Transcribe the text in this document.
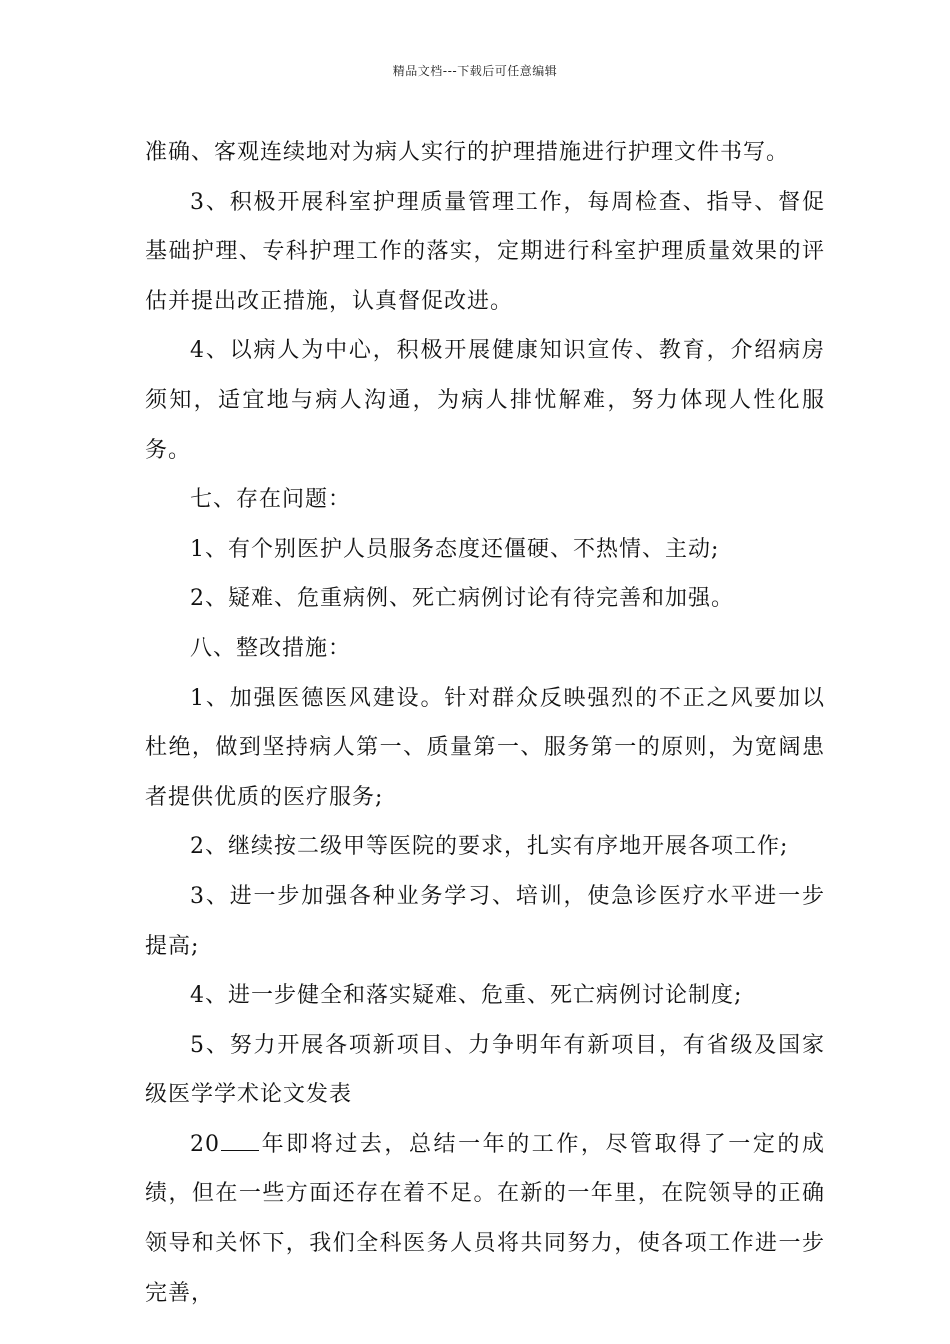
精品文档---下载后可任意编辑

准确、客观连续地对为病人实行的护理措施进行护理文件书写。

3、积极开展科室护理质量管理工作，每周检查、指导、督促基础护理、专科护理工作的落实，定期进行科室护理质量效果的评估并提出改正措施，认真督促改进。

4、以病人为中心，积极开展健康知识宣传、教育，介绍病房须知，适宜地与病人沟通，为病人排忧解难，努力体现人性化服务。

七、存在问题：

1、有个别医护人员服务态度还僵硬、不热情、主动;

2、疑难、危重病例、死亡病例讨论有待完善和加强。

八、整改措施：

1、加强医德医风建设。针对群众反映强烈的不正之风要加以杜绝，做到坚持病人第一、质量第一、服务第一的原则，为宽阔患者提供优质的医疗服务;

2、继续按二级甲等医院的要求，扎实有序地开展各项工作;

3、进一步加强各种业务学习、培训，使急诊医疗水平进一步提高;

4、进一步健全和落实疑难、危重、死亡病例讨论制度;

5、努力开展各项新项目、力争明年有新项目，有省级及国家级医学学术论文发表

20 年即将过去，总结一年的工作，尽管取得了一定的成绩，但在一些方面还存在着不足。在新的一年里，在院领导的正确领导和关怀下，我们全科医务人员将共同努力，使各项工作进一步完善，
